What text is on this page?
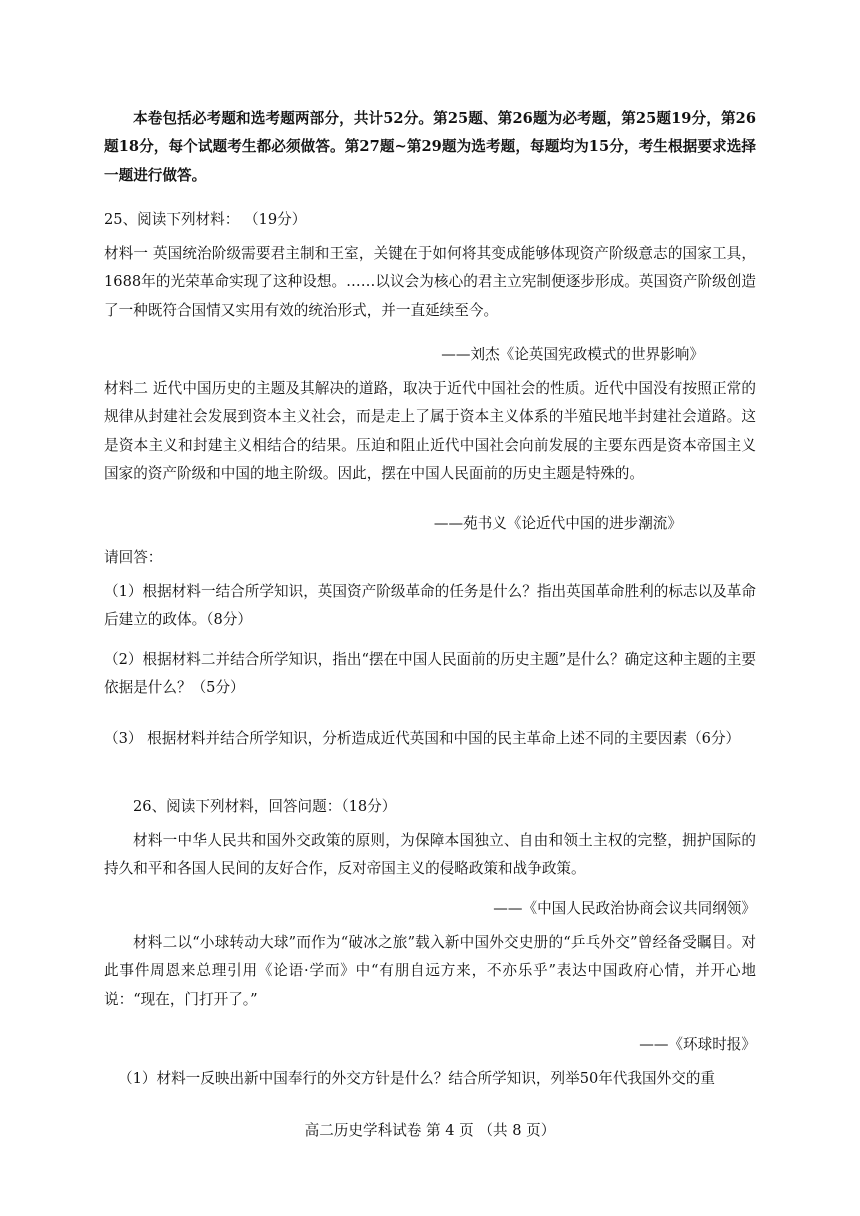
本卷包括必考题和选考题两部分，共计52分。第25题、第26题为必考题，第25题19分，第26题18分，每个试题考生都必须做答。第27题~第29题为选考题，每题均为15分，考生根据要求选择一题进行做答。

25、阅读下列材料： （19分）

材料一 英国统治阶级需要君主制和王室，关键在于如何将其变成能够体现资产阶级意志的国家工具，1688年的光荣革命实现了这种设想。……以议会为核心的君主立宪制便逐步形成。英国资产阶级创造了一种既符合国情又实用有效的统治形式，并一直延续至今。

——刘杰《论英国宪政模式的世界影响》

材料二 近代中国历史的主题及其解决的道路，取决于近代中国社会的性质。近代中国没有按照正常的规律从封建社会发展到资本主义社会，而是走上了属于资本主义体系的半殖民地半封建社会道路。这是资本主义和封建主义相结合的结果。压迫和阻止近代中国社会向前发展的主要东西是资本帝国主义国家的资产阶级和中国的地主阶级。因此，摆在中国人民面前的历史主题是特殊的。

——苑书义《论近代中国的进步潮流》

请回答：

（1）根据材料一结合所学知识，英国资产阶级革命的任务是什么？指出英国革命胜利的标志以及革命后建立的政体。（8分）

（2）根据材料二并结合所学知识，指出“摆在中国人民面前的历史主题”是什么？确定这种主题的主要依据是什么？（5分）

（3） 根据材料并结合所学知识，分析造成近代英国和中国的民主革命上述不同的主要因素（6分）

26、阅读下列材料，回答问题：（18分）

材料一中华人民共和国外交政策的原则，为保障本国独立、自由和领土主权的完整，拥护国际的持久和平和各国人民间的友好合作，反对帝国主义的侵略政策和战争政策。

——《中国人民政治协商会议共同纲领》

材料二以“小球转动大球”而作为“破冰之旅”载入新中国外交史册的“乒乓外交”曾经备受瞩目。对此事件周恩来总理引用《论语·学而》中“有朋自远方来，不亦乐乎”表达中国政府心情，并开心地说：“现在，门打开了。”

——《环球时报》

（1）材料一反映出新中国奉行的外交方针是什么？结合所学知识，列举50年代我国外交的重

高二历史学科试卷 第 4 页 （共 8 页）
